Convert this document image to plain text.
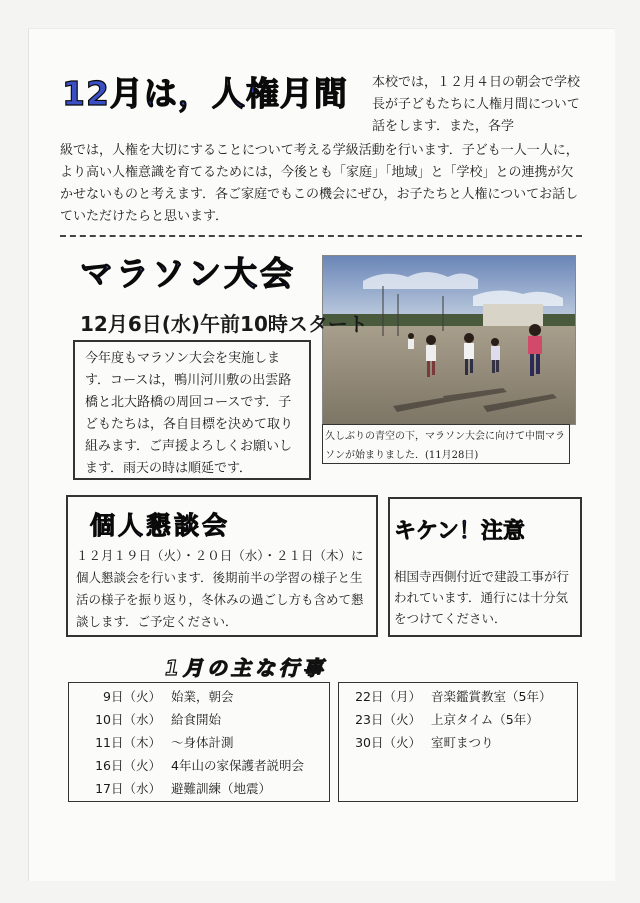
12月は，人権月間 本校では，１２月４日の朝会で学校長が子どもたちに人権月間について話をします．また，各学
級では，人権を大切にすることについて考える学級活動を行います．子ども一人一人に，より高い人権意識を育てるためには，今後とも「家庭」「地域」と「学校」との連携が欠かせないものと考えます．各ご家庭でもこの機会にぜひ，お子たちと人権についてお話していただけたらと思います．
マラソン大会
12月6日(水)午前10時スタート
今年度もマラソン大会を実施します．コースは，鴨川河川敷の出雲路橋と北大路橋の周回コースです．子どもたちは，各自目標を決めて取り組みます．ご声援よろしくお願いします．雨天の時は順延です．
久しぶりの青空の下，マラソン大会に向けて中間マラソンが始まりました．(11月28日)
個人懇談会
１２月１９日（火）・２０日（水）・２１日（木）に個人懇談会を行います．後期前半の学習の様子と生活の様子を振り返り，冬休みの過ごし方も含めて懇談します．ご予定ください．
キケン！注意
相国寺西側付近で建設工事が行われています．通行には十分気をつけてください．
1月の主な行事
9日（火） 始業，朝会
10日（水） 給食開始
11日（木） ～身体計測
16日（火） 4年山の家保護者説明会
17日（水） 避難訓練（地震）
22日（月） 音楽鑑賞教室（5年）
23日（火） 上京タイム（5年）
30日（火） 室町まつり
